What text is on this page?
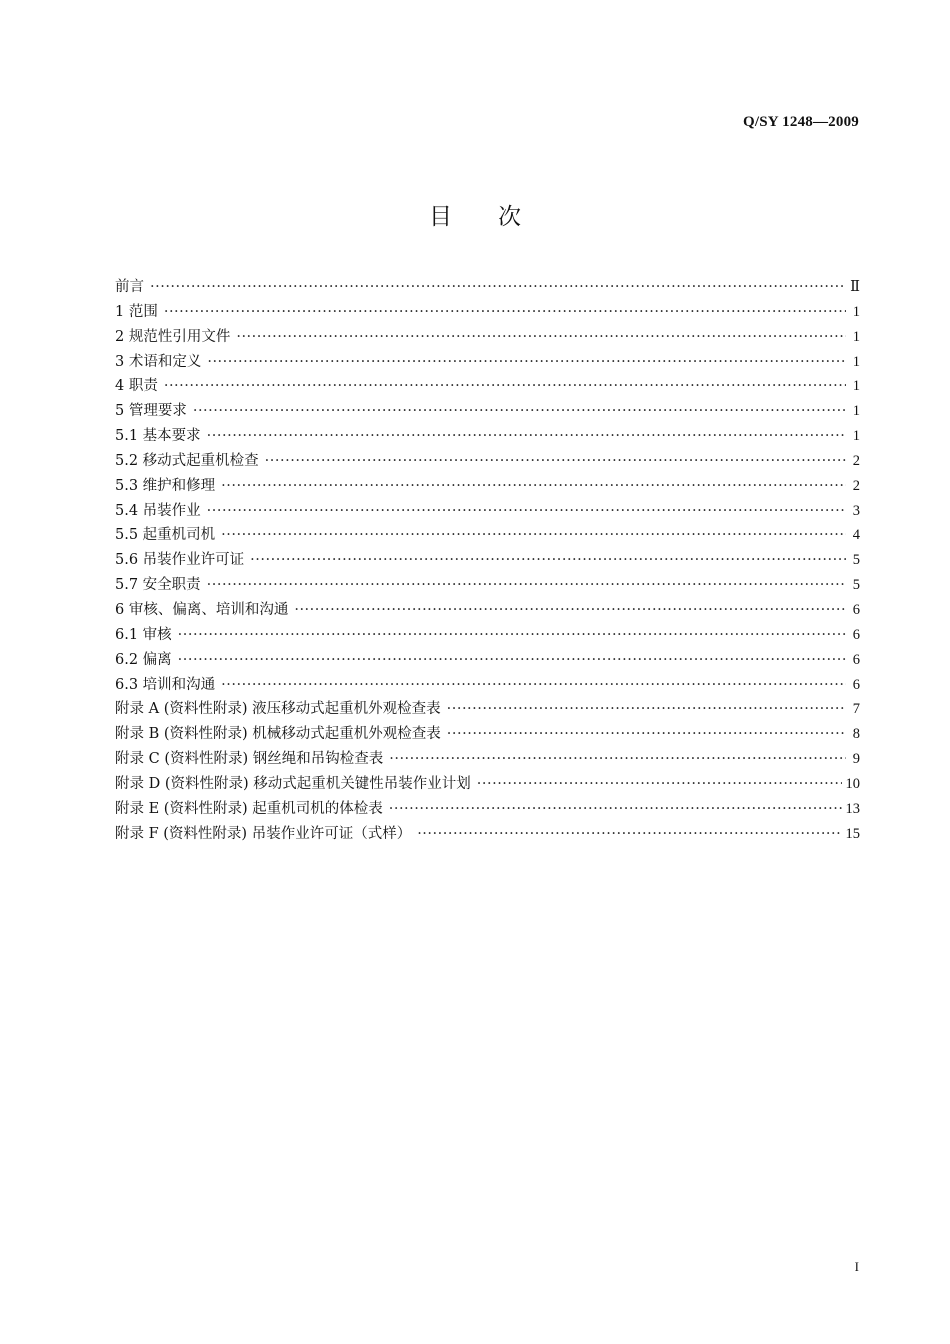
Q/SY 1248—2009
目次
前言 ·····	Ⅱ
1 范围 ·····	1
2 规范性引用文件 ·····	1
3 术语和定义 ·····	1
4 职责 ·····	1
5 管理要求 ·····	1
5.1 基本要求 ·····	1
5.2 移动式起重机检查 ·····	2
5.3 维护和修理 ·····	2
5.4 吊装作业 ·····	3
5.5 起重机司机 ·····	4
5.6 吊装作业许可证 ·····	5
5.7 安全职责 ·····	5
6 审核、偏离、培训和沟通 ·····	6
6.1 审核 ·····	6
6.2 偏离 ·····	6
6.3 培训和沟通 ·····	6
附录 A (资料性附录) 液压移动式起重机外观检查表 ·····	7
附录 B (资料性附录) 机械移动式起重机外观检查表 ·····	8
附录 C (资料性附录) 钢丝绳和吊钩检查表 ·····	9
附录 D (资料性附录) 移动式起重机关键性吊装作业计划 ·····	10
附录 E (资料性附录) 起重机司机的体检表 ·····	13
附录 F (资料性附录) 吊装作业许可证（式样） ·····	15
I
